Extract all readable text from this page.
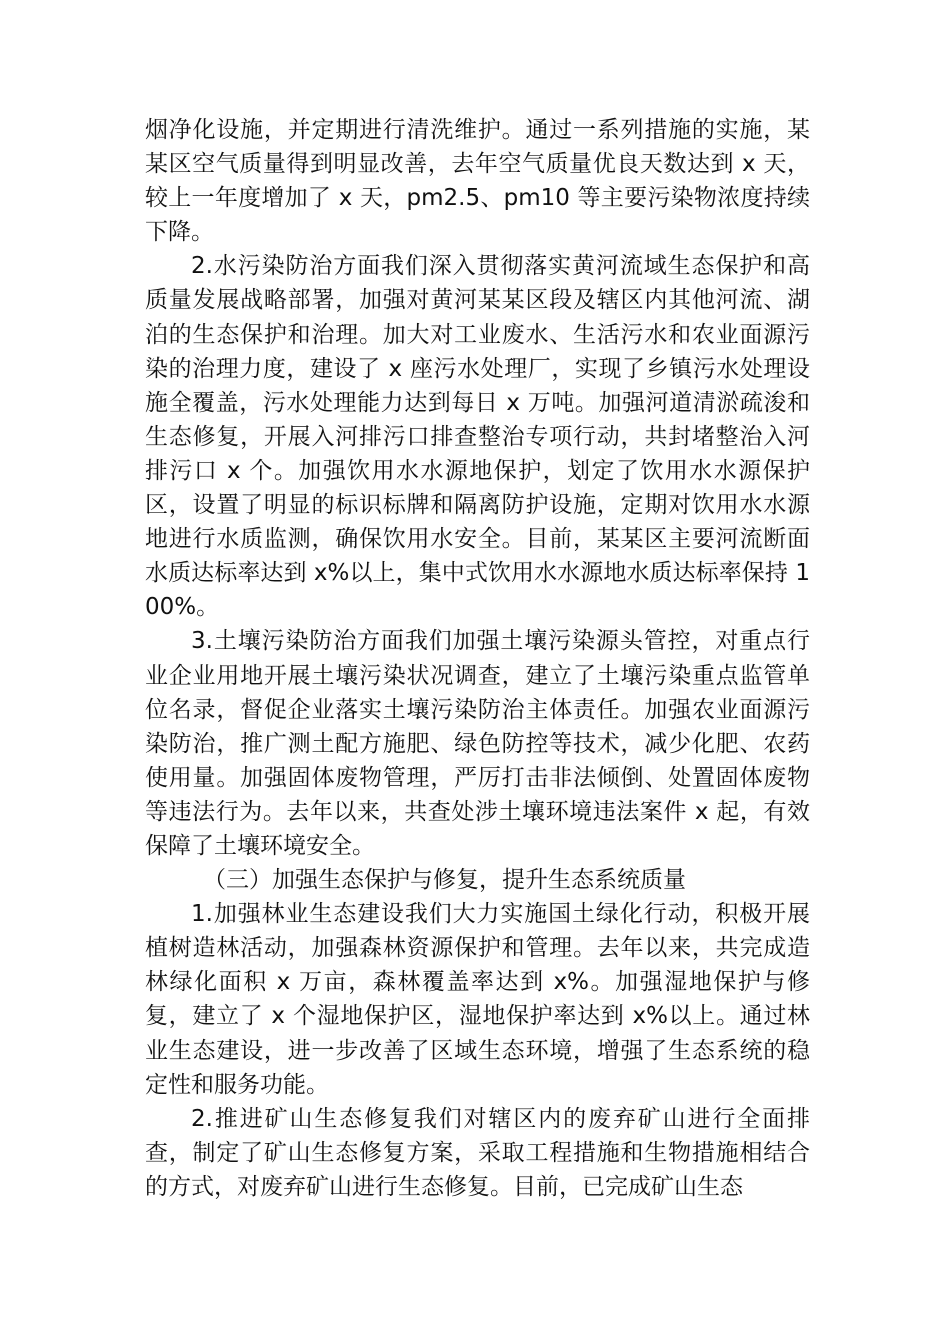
烟净化设施，并定期进行清洗维护。通过一系列措施的实施，某某区空气质量得到明显改善，去年空气质量优良天数达到 x 天，较上一年度增加了 x 天，pm2.5、pm10 等主要污染物浓度持续下降。

2.水污染防治方面我们深入贯彻落实黄河流域生态保护和高质量发展战略部署，加强对黄河某某区段及辖区内其他河流、湖泊的生态保护和治理。加大对工业废水、生活污水和农业面源污染的治理力度，建设了 x 座污水处理厂，实现了乡镇污水处理设施全覆盖，污水处理能力达到每日 x 万吨。加强河道清淤疏浚和生态修复，开展入河排污口排查整治专项行动，共封堵整治入河排污口 x 个。加强饮用水水源地保护，划定了饮用水水源保护区，设置了明显的标识标牌和隔离防护设施，定期对饮用水水源地进行水质监测，确保饮用水安全。目前，某某区主要河流断面水质达标率达到 x%以上，集中式饮用水水源地水质达标率保持 100%。

3.土壤污染防治方面我们加强土壤污染源头管控，对重点行业企业用地开展土壤污染状况调查，建立了土壤污染重点监管单位名录，督促企业落实土壤污染防治主体责任。加强农业面源污染防治，推广测土配方施肥、绿色防控等技术，减少化肥、农药使用量。加强固体废物管理，严厉打击非法倾倒、处置固体废物等违法行为。去年以来，共查处涉土壤环境违法案件 x 起，有效保障了土壤环境安全。

（三）加强生态保护与修复，提升生态系统质量

1.加强林业生态建设我们大力实施国土绿化行动，积极开展植树造林活动，加强森林资源保护和管理。去年以来，共完成造林绿化面积 x 万亩，森林覆盖率达到 x%。加强湿地保护与修复，建立了 x 个湿地保护区，湿地保护率达到 x%以上。通过林业生态建设，进一步改善了区域生态环境，增强了生态系统的稳定性和服务功能。

2.推进矿山生态修复我们对辖区内的废弃矿山进行全面排查，制定了矿山生态修复方案，采取工程措施和生物措施相结合的方式，对废弃矿山进行生态修复。目前，已完成矿山生态
